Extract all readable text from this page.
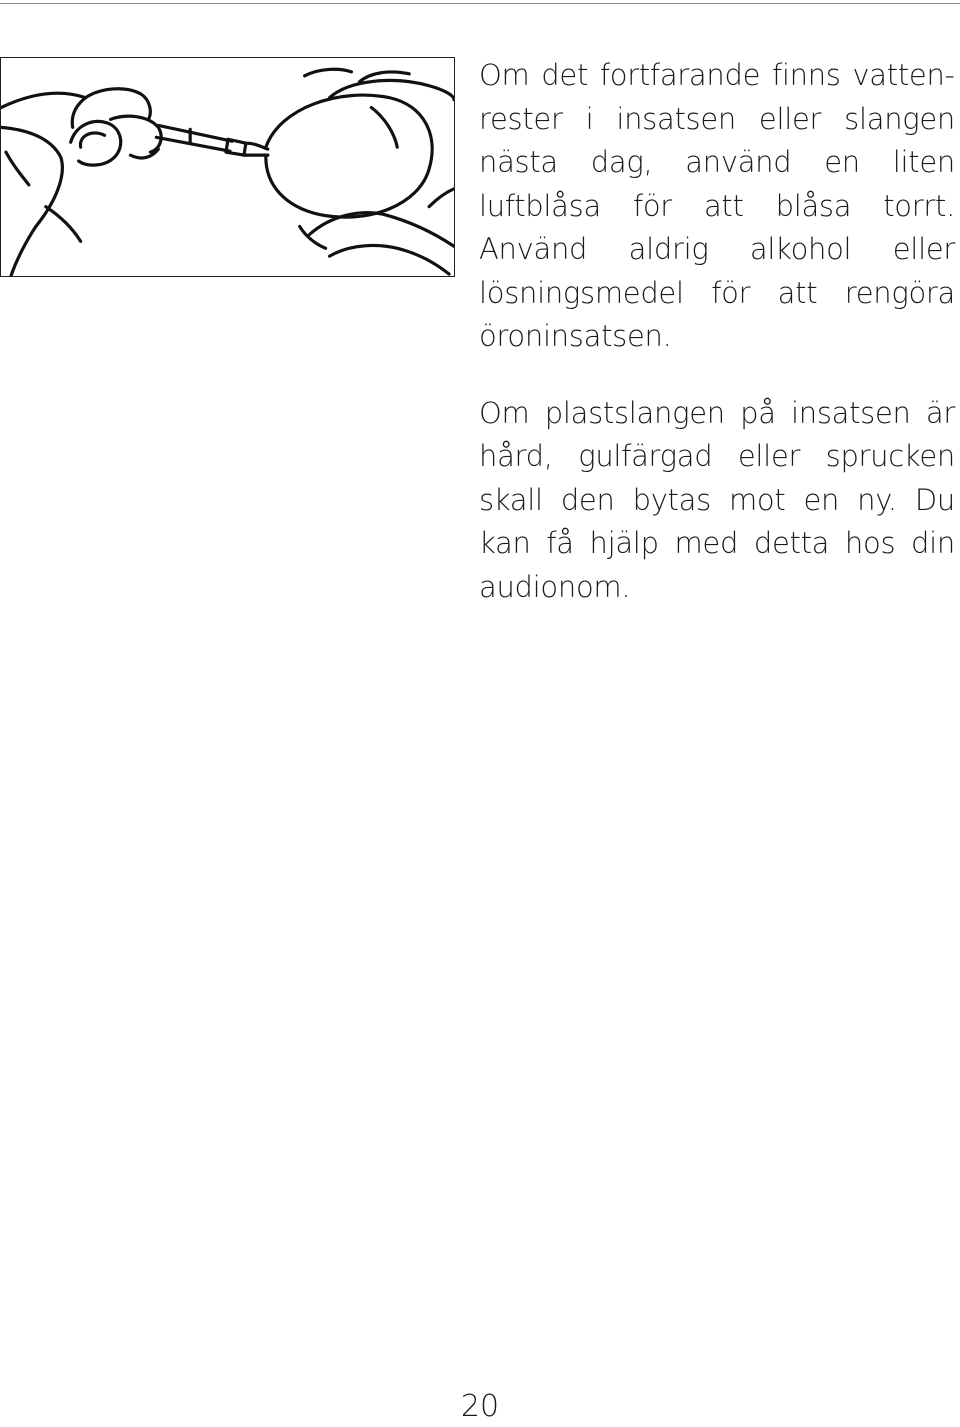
Om det fortfarande finns vattenrester i insatsen eller slangen nästa dag, använd en liten luftblåsa för att blåsa torrt. Använd aldrig alkohol eller lösningsmedel för att rengöra öroninsatsen.

Om plastslangen på insatsen är hård, gulfärgad eller sprucken skall den bytas mot en ny. Du kan få hjälp med detta hos din audionom.

20
